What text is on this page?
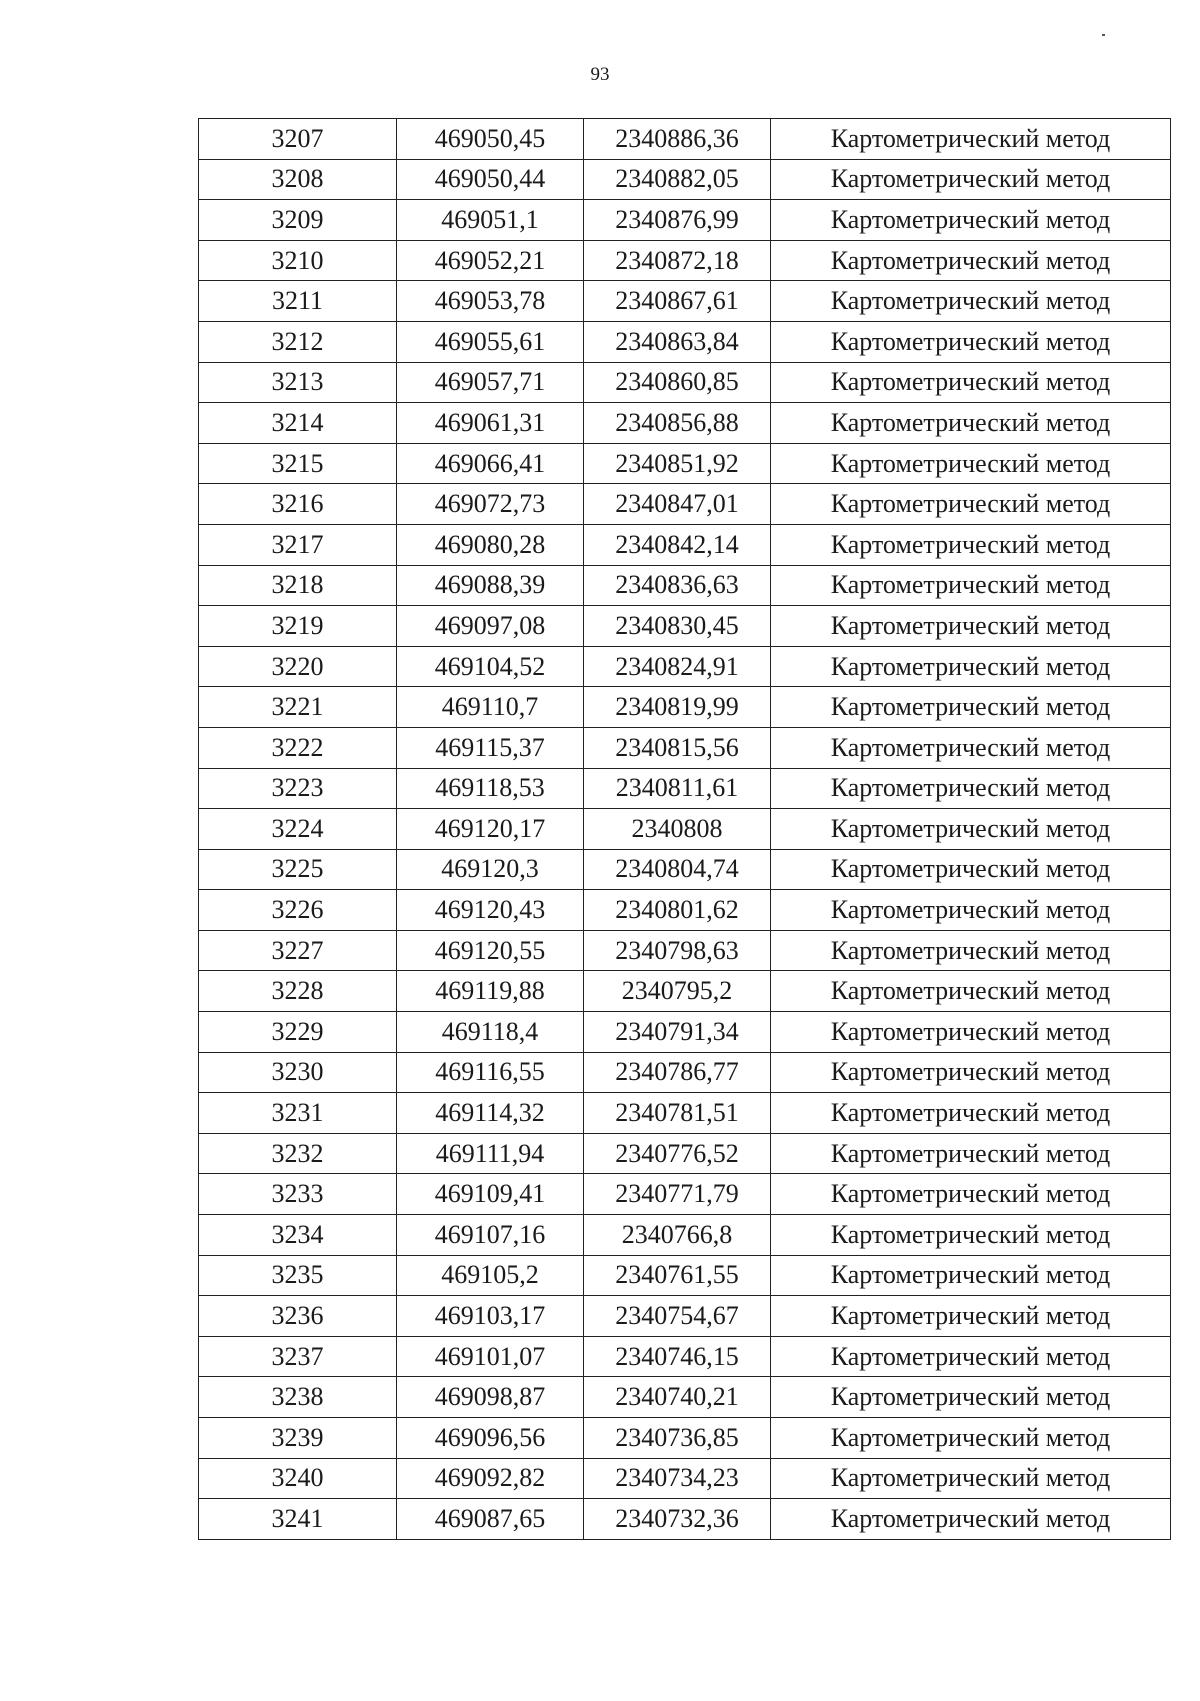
93
3207	469050,45	2340886,36	Картометрический метод
3208	469050,44	2340882,05	Картометрический метод
3209	469051,1	2340876,99	Картометрический метод
3210	469052,21	2340872,18	Картометрический метод
3211	469053,78	2340867,61	Картометрический метод
3212	469055,61	2340863,84	Картометрический метод
3213	469057,71	2340860,85	Картометрический метод
3214	469061,31	2340856,88	Картометрический метод
3215	469066,41	2340851,92	Картометрический метод
3216	469072,73	2340847,01	Картометрический метод
3217	469080,28	2340842,14	Картометрический метод
3218	469088,39	2340836,63	Картометрический метод
3219	469097,08	2340830,45	Картометрический метод
3220	469104,52	2340824,91	Картометрический метод
3221	469110,7	2340819,99	Картометрический метод
3222	469115,37	2340815,56	Картометрический метод
3223	469118,53	2340811,61	Картометрический метод
3224	469120,17	2340808	Картометрический метод
3225	469120,3	2340804,74	Картометрический метод
3226	469120,43	2340801,62	Картометрический метод
3227	469120,55	2340798,63	Картометрический метод
3228	469119,88	2340795,2	Картометрический метод
3229	469118,4	2340791,34	Картометрический метод
3230	469116,55	2340786,77	Картометрический метод
3231	469114,32	2340781,51	Картометрический метод
3232	469111,94	2340776,52	Картометрический метод
3233	469109,41	2340771,79	Картометрический метод
3234	469107,16	2340766,8	Картометрический метод
3235	469105,2	2340761,55	Картометрический метод
3236	469103,17	2340754,67	Картометрический метод
3237	469101,07	2340746,15	Картометрический метод
3238	469098,87	2340740,21	Картометрический метод
3239	469096,56	2340736,85	Картометрический метод
3240	469092,82	2340734,23	Картометрический метод
3241	469087,65	2340732,36	Картометрический метод
